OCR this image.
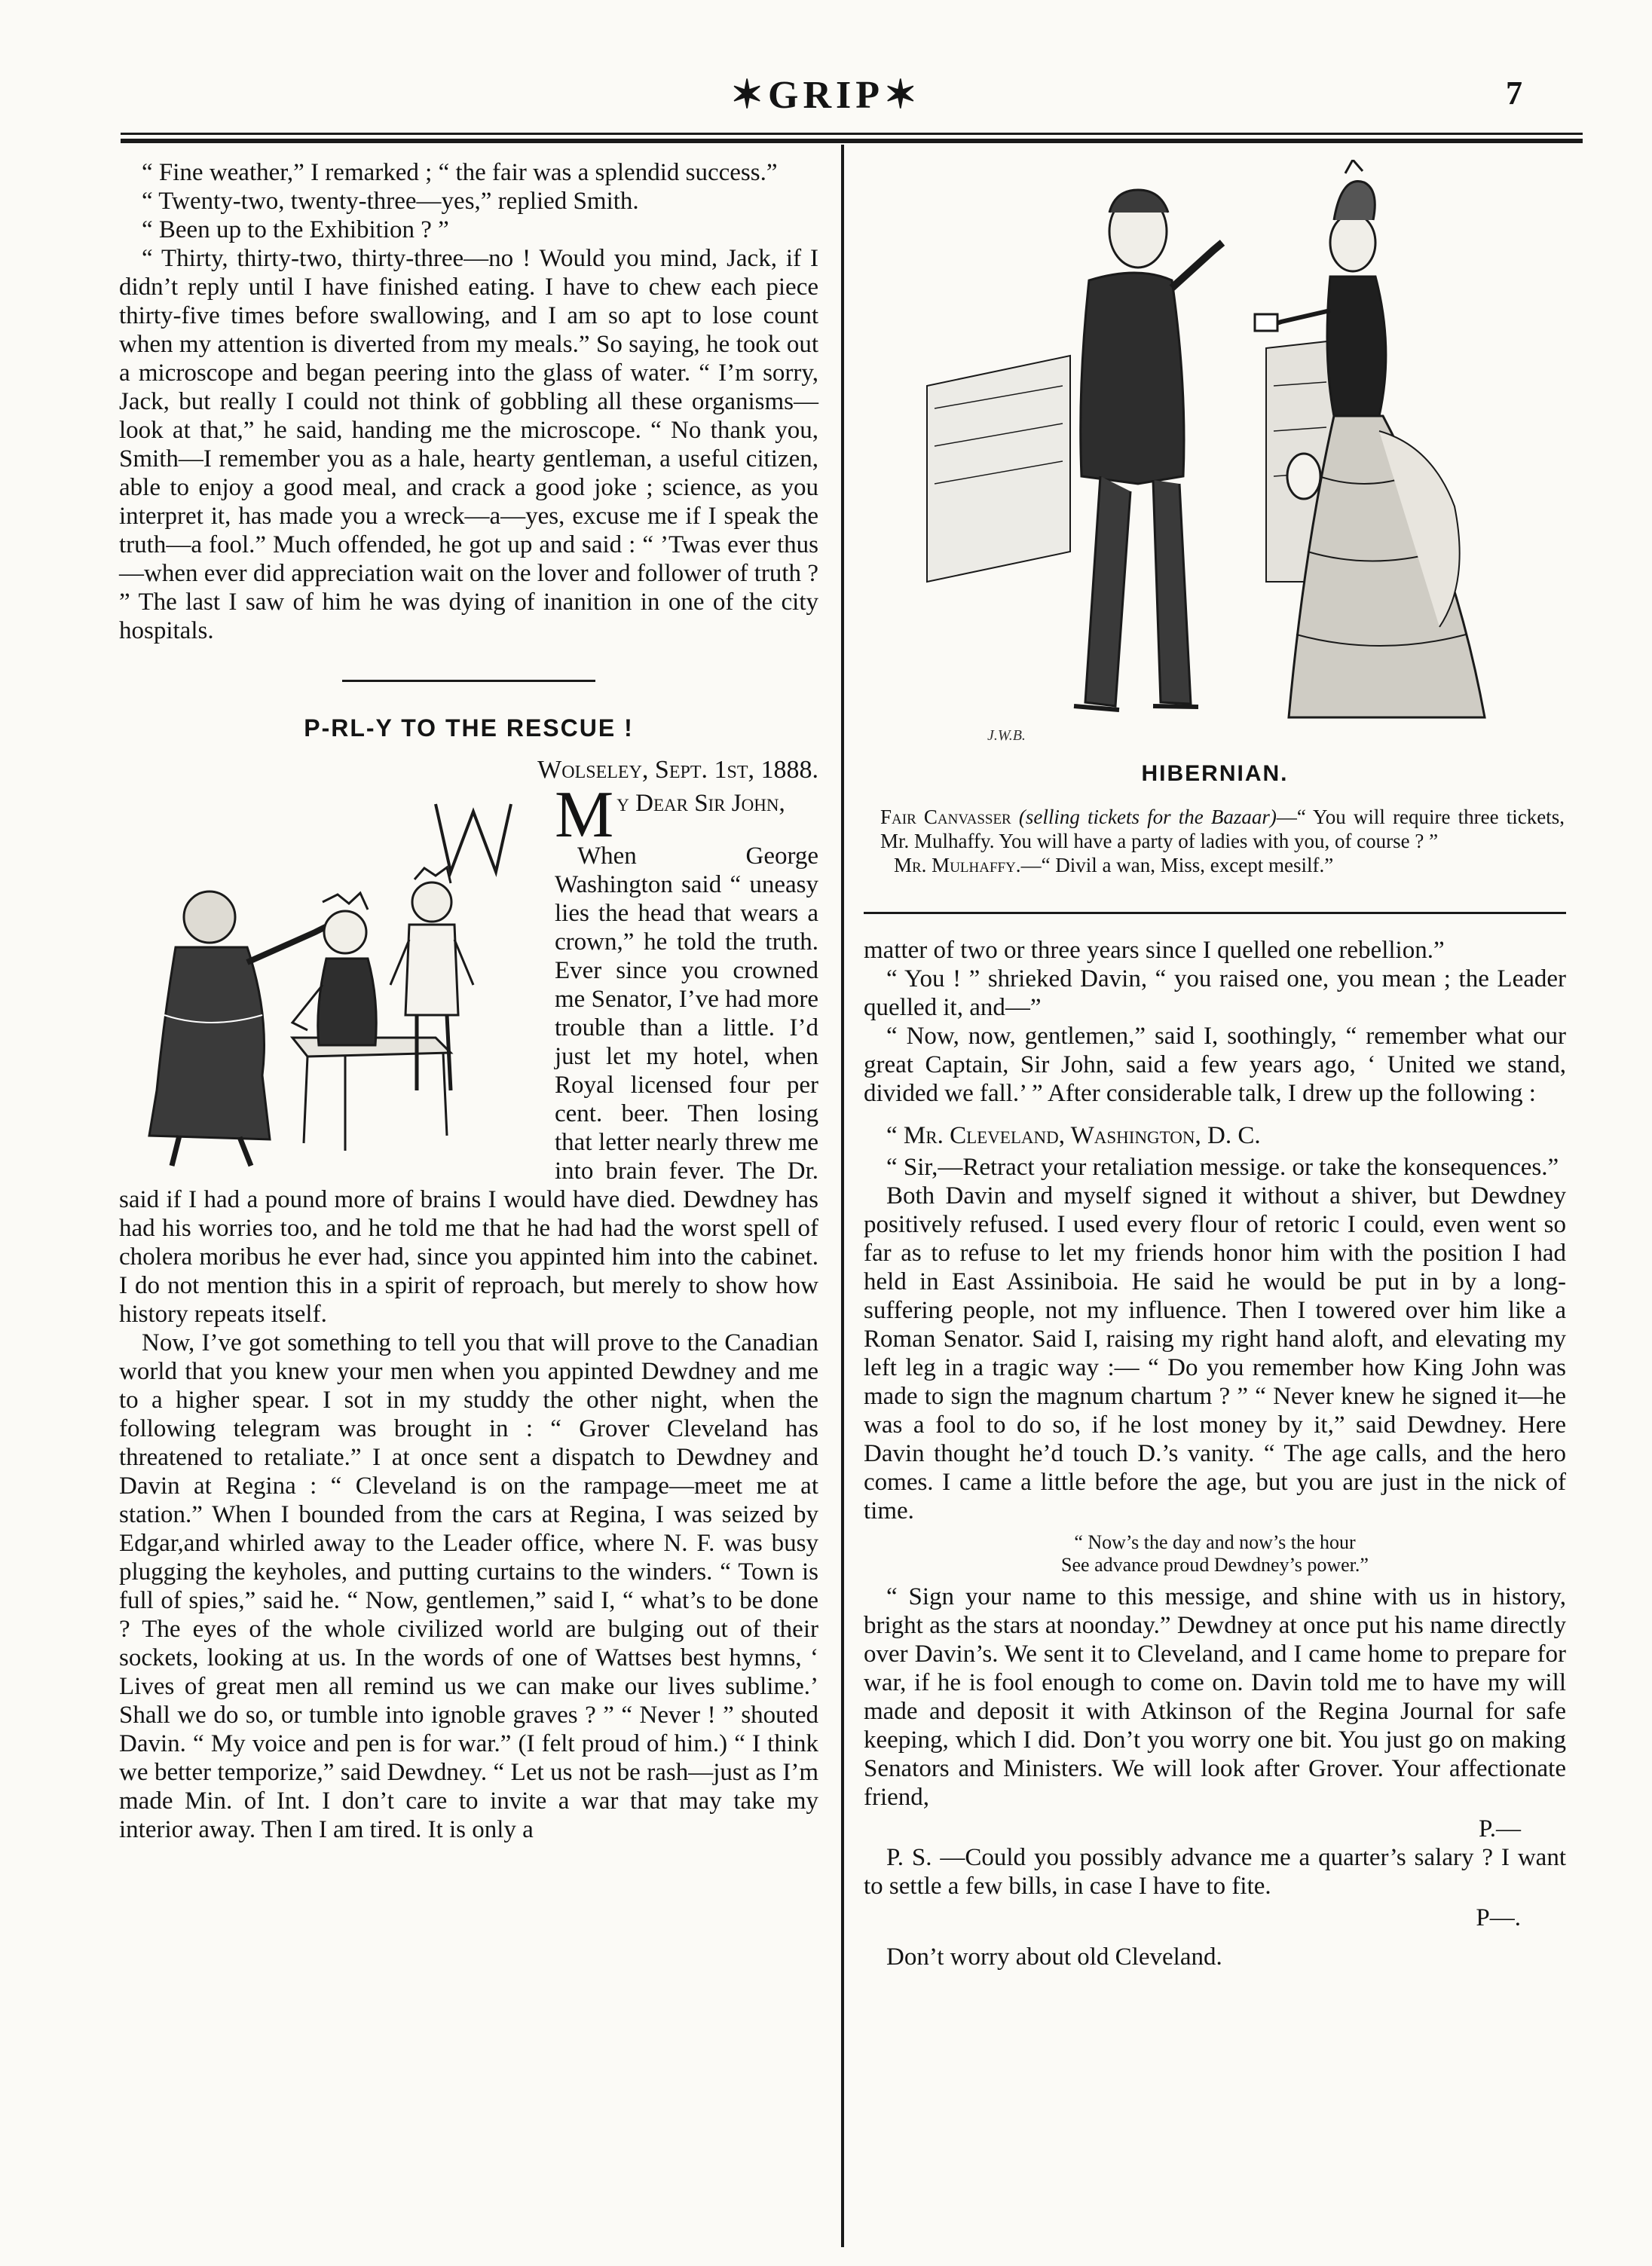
✶GRIP✶	7

“ Fine weather,” I remarked ; “ the fair was a splendid success.”

“ Twenty-two, twenty-three—yes,” replied Smith.

“ Been up to the Exhibition ? ”

“ Thirty, thirty-two, thirty-three—no ! Would you mind, Jack, if I didn’t reply until I have finished eating. I have to chew each piece thirty-five times before swallowing, and I am so apt to lose count when my attention is diverted from my meals.” So saying, he took out a microscope and began peering into the glass of water. “ I’m sorry, Jack, but really I could not think of gobbling all these organisms—look at that,” he said, handing me the microscope. “ No thank you, Smith—I remember you as a hale, hearty gentleman, a useful citizen, able to enjoy a good meal, and crack a good joke ; science, as you interpret it, has made you a wreck—a—yes, excuse me if I speak the truth—a fool.” Much offended, he got up and said : “ ’Twas ever thus—when ever did appreciation wait on the lover and follower of truth ? ” The last I saw of him he was dying of inanition in one of the city hospitals.

P-RL-Y TO THE RESCUE !
Wolseley, Sept. 1st, 1888.

My Dear Sir John,

When George Washington said “ uneasy lies the head that wears a crown,” he told the truth. Ever since you crowned me Senator, I’ve had more trouble than a little. I’d just let my hotel, when Royal licensed four per cent. beer. Then losing that letter nearly threw me into brain fever. The Dr. said if I had a pound more of brains I would have died. Dewdney has had his worries too, and he told me that he had had the worst spell of cholera moribus he ever had, since you appinted him into the cabinet. I do not mention this in a spirit of reproach, but merely to show how history repeats itself.

Now, I’ve got something to tell you that will prove to the Canadian world that you knew your men when you appinted Dewdney and me to a higher spear. I sot in my studdy the other night, when the following telegram was brought in : “ Grover Cleveland has threatened to retaliate.” I at once sent a dispatch to Dewdney and Davin at Regina : “ Cleveland is on the rampage—meet me at station.” When I bounded from the cars at Regina, I was seized by Edgar,and whirled away to the Leader office, where N. F. was busy plugging the keyholes, and putting curtains to the winders. “ Town is full of spies,” said he. “ Now, gentlemen,” said I, “ what’s to be done ? The eyes of the whole civilized world are bulging out of their sockets, looking at us. In the words of one of Wattses best hymns, ‘ Lives of great men all remind us we can make our lives sublime.’ Shall we do so, or tumble into ignoble graves ? ” “ Never ! ” shouted Davin. “ My voice and pen is for war.” (I felt proud of him.) “ I think we better temporize,” said Dewdney. “ Let us not be rash—just as I’m made Min. of Int. I don’t care to invite a war that may take my interior away. Then I am tired. It is only a

J.W.B.
HIBERNIAN.

Fair Canvasser (selling tickets for the Bazaar)—“ You will require three tickets, Mr. Mulhaffy. You will have a party of ladies with you, of course ? ”

Mr. Mulhaffy.—“ Divil a wan, Miss, except mesilf.”

matter of two or three years since I quelled one rebellion.”

“ You ! ” shrieked Davin, “ you raised one, you mean ; the Leader quelled it, and—”

“ Now, now, gentlemen,” said I, soothingly, “ remember what our great Captain, Sir John, said a few years ago, ‘ United we stand, divided we fall.’ ” After considerable talk, I drew up the following :

“ Mr. Cleveland, Washington, D. C.

“ Sir,—Retract your retaliation messige. or take the konsequences.”

Both Davin and myself signed it without a shiver, but Dewdney positively refused. I used every flour of retoric I could, even went so far as to refuse to let my friends honor him with the position I had held in East Assiniboia. He said he would be put in by a long-suffering people, not my influence. Then I towered over him like a Roman Senator. Said I, raising my right hand aloft, and elevating my left leg in a tragic way :— “ Do you remember how King John was made to sign the magnum chartum ? ” “ Never knew he signed it—he was a fool to do so, if he lost money by it,” said Dewdney. Here Davin thought he’d touch D.’s vanity. “ The age calls, and the hero comes. I came a little before the age, but you are just in the nick of time.

“ Now’s the day and now’s the hour
See advance proud Dewdney’s power.”

“ Sign your name to this messige, and shine with us in history, bright as the stars at noonday.” Dewdney at once put his name directly over Davin’s. We sent it to Cleveland, and I came home to prepare for war, if he is fool enough to come on. Davin told me to have my will made and deposit it with Atkinson of the Regina Journal for safe keeping, which I did. Don’t you worry one bit. You just go on making Senators and Ministers. We will look after Grover. Your affectionate friend,

P.—

P. S. —Could you possibly advance me a quarter’s salary ? I want to settle a few bills, in case I have to fite.

P—.

Don’t worry about old Cleveland.
